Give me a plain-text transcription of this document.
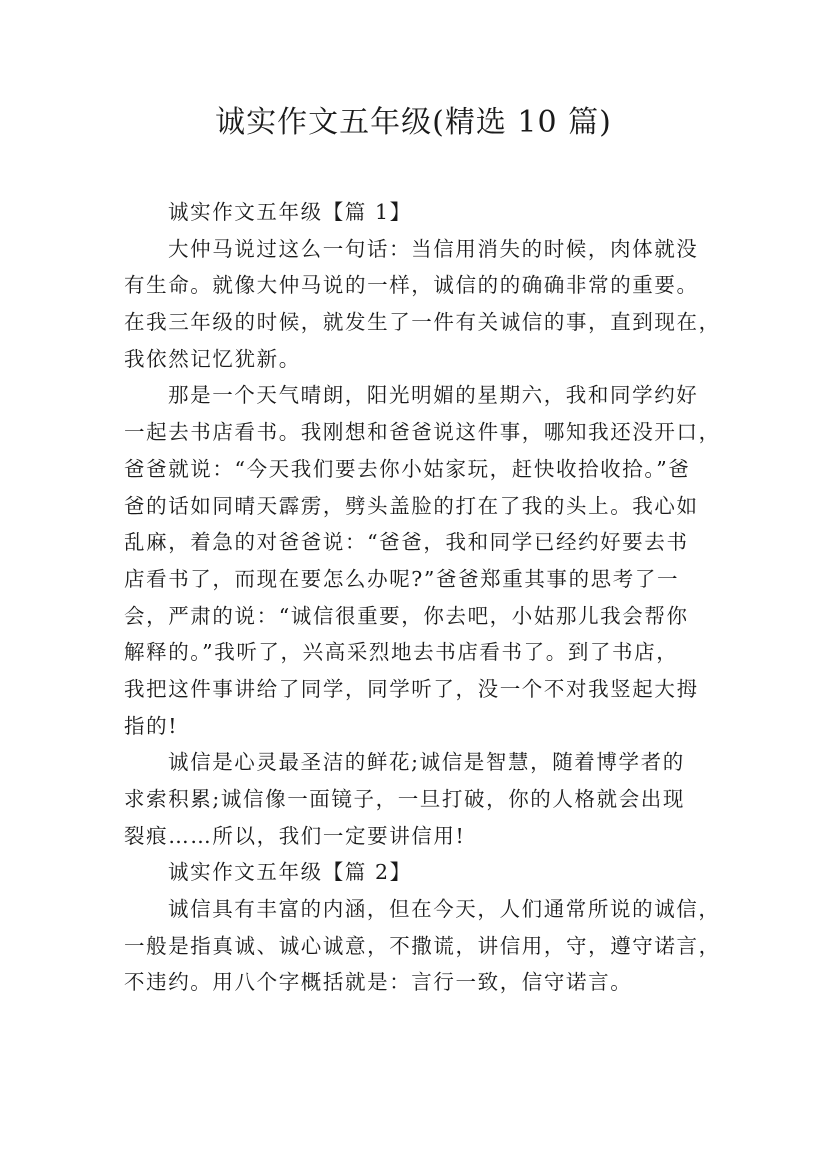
诚实作文五年级(精选 10 篇)

诚实作文五年级【篇 1】

大仲马说过这么一句话：当信用消失的时候，肉体就没

有生命。就像大仲马说的一样，诚信的的确确非常的重要。

在我三年级的时候，就发生了一件有关诚信的事，直到现在，

我依然记忆犹新。

那是一个天气晴朗，阳光明媚的星期六，我和同学约好

一起去书店看书。我刚想和爸爸说这件事，哪知我还没开口，

爸爸就说：“今天我们要去你小姑家玩，赶快收拾收拾。”爸

爸的话如同晴天霹雳，劈头盖脸的打在了我的头上。我心如

乱麻，着急的对爸爸说：“爸爸，我和同学已经约好要去书

店看书了，而现在要怎么办呢?”爸爸郑重其事的思考了一

会，严肃的说：“诚信很重要，你去吧，小姑那儿我会帮你

解释的。”我听了，兴高采烈地去书店看书了。到了书店，

我把这件事讲给了同学，同学听了，没一个不对我竖起大拇

指的!

诚信是心灵最圣洁的鲜花;诚信是智慧，随着博学者的

求索积累;诚信像一面镜子，一旦打破，你的人格就会出现

裂痕……所以，我们一定要讲信用!

诚实作文五年级【篇 2】

诚信具有丰富的内涵，但在今天，人们通常所说的诚信，

一般是指真诚、诚心诚意，不撒谎，讲信用，守，遵守诺言，

不违约。用八个字概括就是：言行一致，信守诺言。
